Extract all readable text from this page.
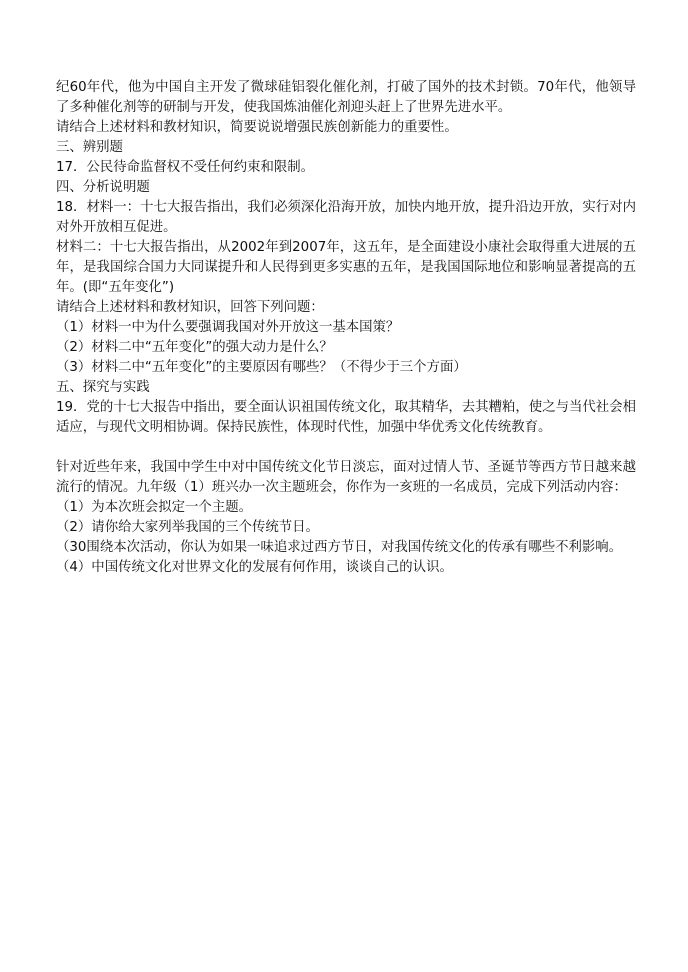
纪60年代，他为中国自主开发了微球硅铝裂化催化剂，打破了国外的技术封锁。70年代，他领导了多种催化剂等的研制与开发，使我国炼油催化剂迎头赶上了世界先进水平。

请结合上述材料和教材知识，简要说说增强民族创新能力的重要性。

三、辨别题

17．公民待命监督权不受任何约束和限制。

四、分析说明题

18．材料一：十七大报告指出，我们必须深化沿海开放，加快内地开放，提升沿边开放，实行对内对外开放相互促进。

材料二：十七大报告指出，从2002年到2007年，这五年，是全面建设小康社会取得重大进展的五年，是我国综合国力大同谋提升和人民得到更多实惠的五年，是我国国际地位和影响显著提高的五年。(即“五年变化”)

请结合上述材料和教材知识，回答下列问题：

（1）材料一中为什么要强调我国对外开放这一基本国策？

（2）材料二中“五年变化”的强大动力是什么？

（3）材料二中“五年变化”的主要原因有哪些？（不得少于三个方面）

五、探究与实践

19．党的十七大报告中指出，要全面认识祖国传统文化，取其精华，去其糟粕，使之与当代社会相适应，与现代文明相协调。保持民族性，体现时代性，加强中华优秀文化传统教育。

针对近些年来，我国中学生中对中国传统文化节日淡忘，面对过情人节、圣诞节等西方节日越来越流行的情况。九年级（1）班兴办一次主题班会，你作为一亥班的一名成员，完成下列活动内容：

（1）为本次班会拟定一个主题。

（2）请你给大家列举我国的三个传统节日。

（30围绕本次活动，你认为如果一味追求过西方节日，对我国传统文化的传承有哪些不利影响。

（4）中国传统文化对世界文化的发展有何作用，谈谈自己的认识。
